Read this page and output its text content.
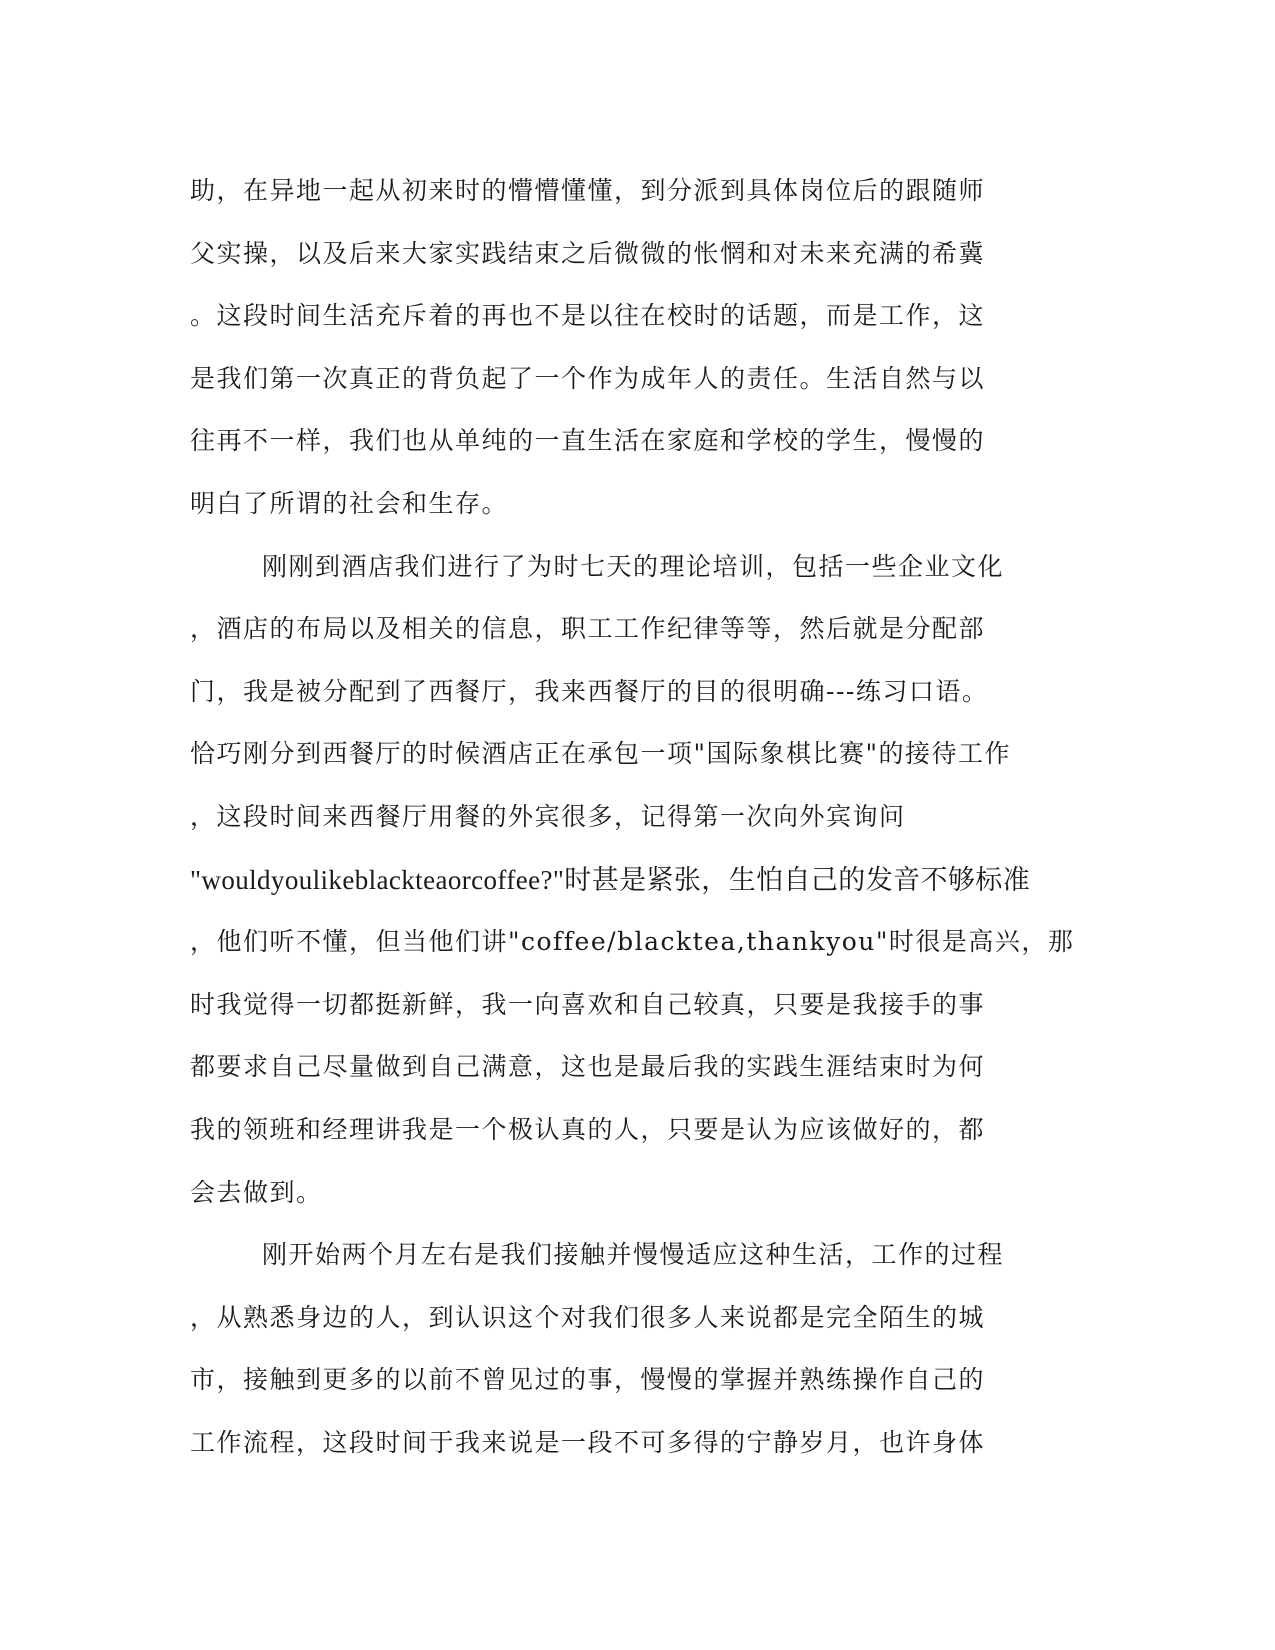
助，在异地一起从初来时的懵懵懂懂，到分派到具体岗位后的跟随师
父实操，以及后来大家实践结束之后微微的怅惘和对未来充满的希冀
。这段时间生活充斥着的再也不是以往在校时的话题，而是工作，这
是我们第一次真正的背负起了一个作为成年人的责任。生活自然与以
往再不一样，我们也从单纯的一直生活在家庭和学校的学生，慢慢的
明白了所谓的社会和生存。
刚刚到酒店我们进行了为时七天的理论培训，包括一些企业文化
，酒店的布局以及相关的信息，职工工作纪律等等，然后就是分配部
门，我是被分配到了西餐厅，我来西餐厅的目的很明确---练习口语。
恰巧刚分到西餐厅的时候酒店正在承包一项"国际象棋比赛"的接待工作
，这段时间来西餐厅用餐的外宾很多，记得第一次向外宾询问
"wouldyoulikeblackteaorcoffee?"时甚是紧张，生怕自己的发音不够标准
，他们听不懂，但当他们讲"coffee/blacktea,thankyou"时很是高兴，那
时我觉得一切都挺新鲜，我一向喜欢和自己较真，只要是我接手的事
都要求自己尽量做到自己满意，这也是最后我的实践生涯结束时为何
我的领班和经理讲我是一个极认真的人，只要是认为应该做好的，都
会去做到。
刚开始两个月左右是我们接触并慢慢适应这种生活，工作的过程
，从熟悉身边的人，到认识这个对我们很多人来说都是完全陌生的城
市，接触到更多的以前不曾见过的事，慢慢的掌握并熟练操作自己的
工作流程，这段时间于我来说是一段不可多得的宁静岁月，也许身体
